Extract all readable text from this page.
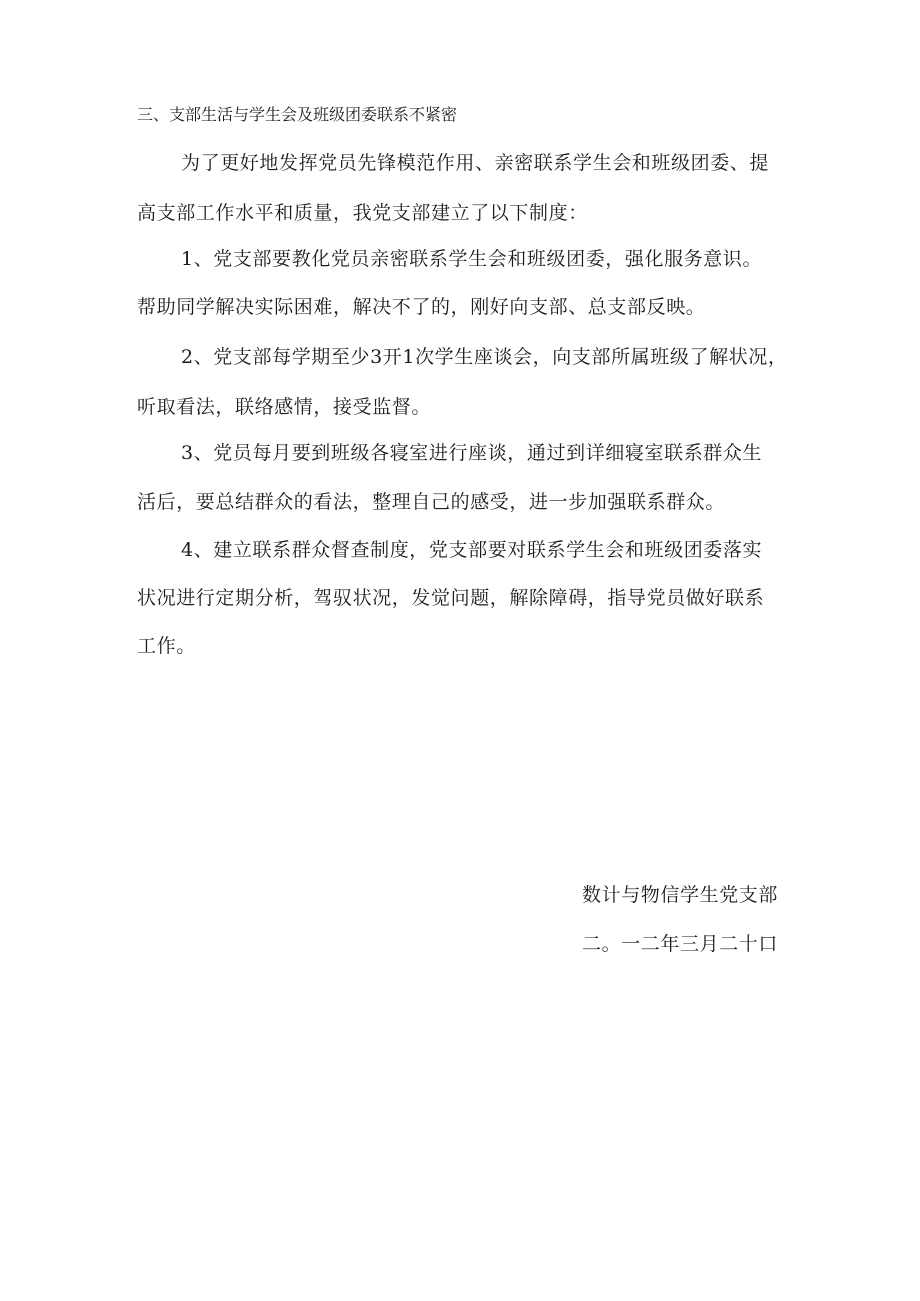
三、支部生活与学生会及班级团委联系不紧密
为了更好地发挥党员先锋模范作用、亲密联系学生会和班级团委、提
高支部工作水平和质量，我党支部建立了以下制度：
1、党支部要教化党员亲密联系学生会和班级团委，强化服务意识。
帮助同学解决实际困难，解决不了的，刚好向支部、总支部反映。
2、党支部每学期至少3开1次学生座谈会，向支部所属班级了解状况，
听取看法，联络感情，接受监督。
3、党员每月要到班级各寝室进行座谈，通过到详细寝室联系群众生
活后，要总结群众的看法，整理自己的感受，进一步加强联系群众。
4、建立联系群众督查制度，党支部要对联系学生会和班级团委落实
状况进行定期分析，驾驭状况，发觉问题，解除障碍，指导党员做好联系
工作。
数计与物信学生党支部
二。一二年三月二十口
